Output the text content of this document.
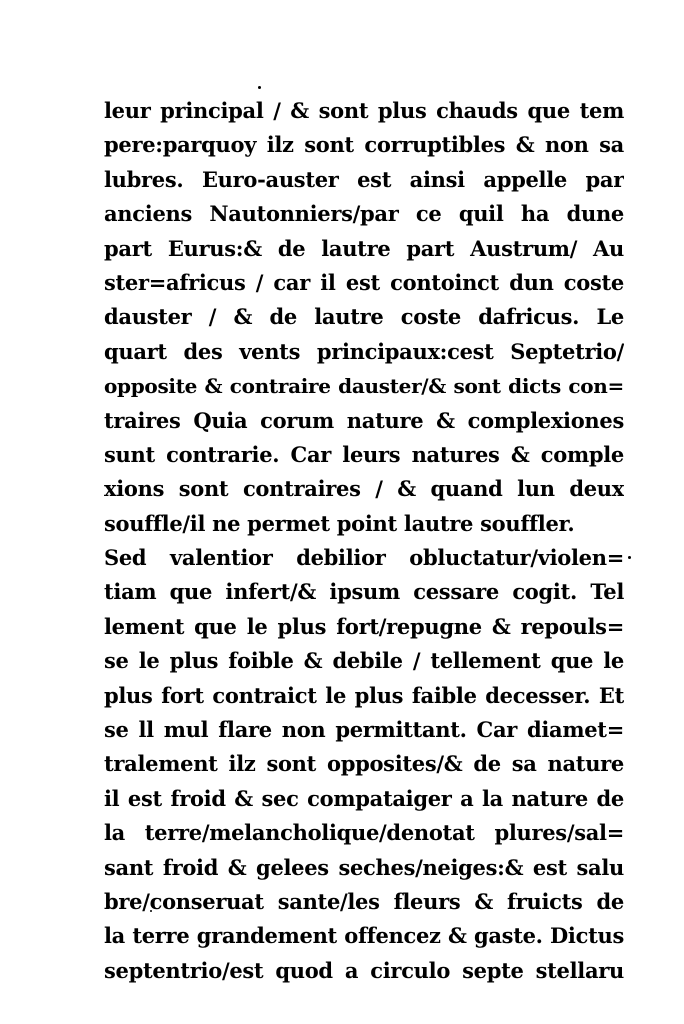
leur principal / & sont plus chauds que tem
pere:parquoy ilz sont corruptibles & non sa
lubres. Euro-auster est ainsi appelle par
anciens Nautonniers/par ce quil ha dune
part Eurus:& de lautre part Austrum/ Au
ster=africus / car il est contoinct dun coste
dauster / & de lautre coste dafricus. Le
quart des vents principaux:cest Septetrio/
opposite & contraire dauster/& sont dicts con=
traires Quia corum nature & complexiones
sunt contrarie. Car leurs natures & comple
xions sont contraires / & quand lun deux
souffle/il ne permet point lautre souffler.
Sed valentior debilior obluctatur/violen=
tiam que infert/& ipsum cessare cogit. Tel
lement que le plus fort/repugne & repouls=
se le plus foible & debile / tellement que le
plus fort contraict le plus faible decesser. Et
se ll mul flare non permittant. Car diamet=
tralement ilz sont opposites/& de sa nature
il est froid & sec compataiger a la nature de
la terre/melancholique/denotat plures/sal=
sant froid & gelees seches/neiges:& est salu
bre/conseruat sante/les fleurs & fruicts de
la terre grandement offencez & gaste. Dictus
septentrio/est quod a circulo septe stellaru
